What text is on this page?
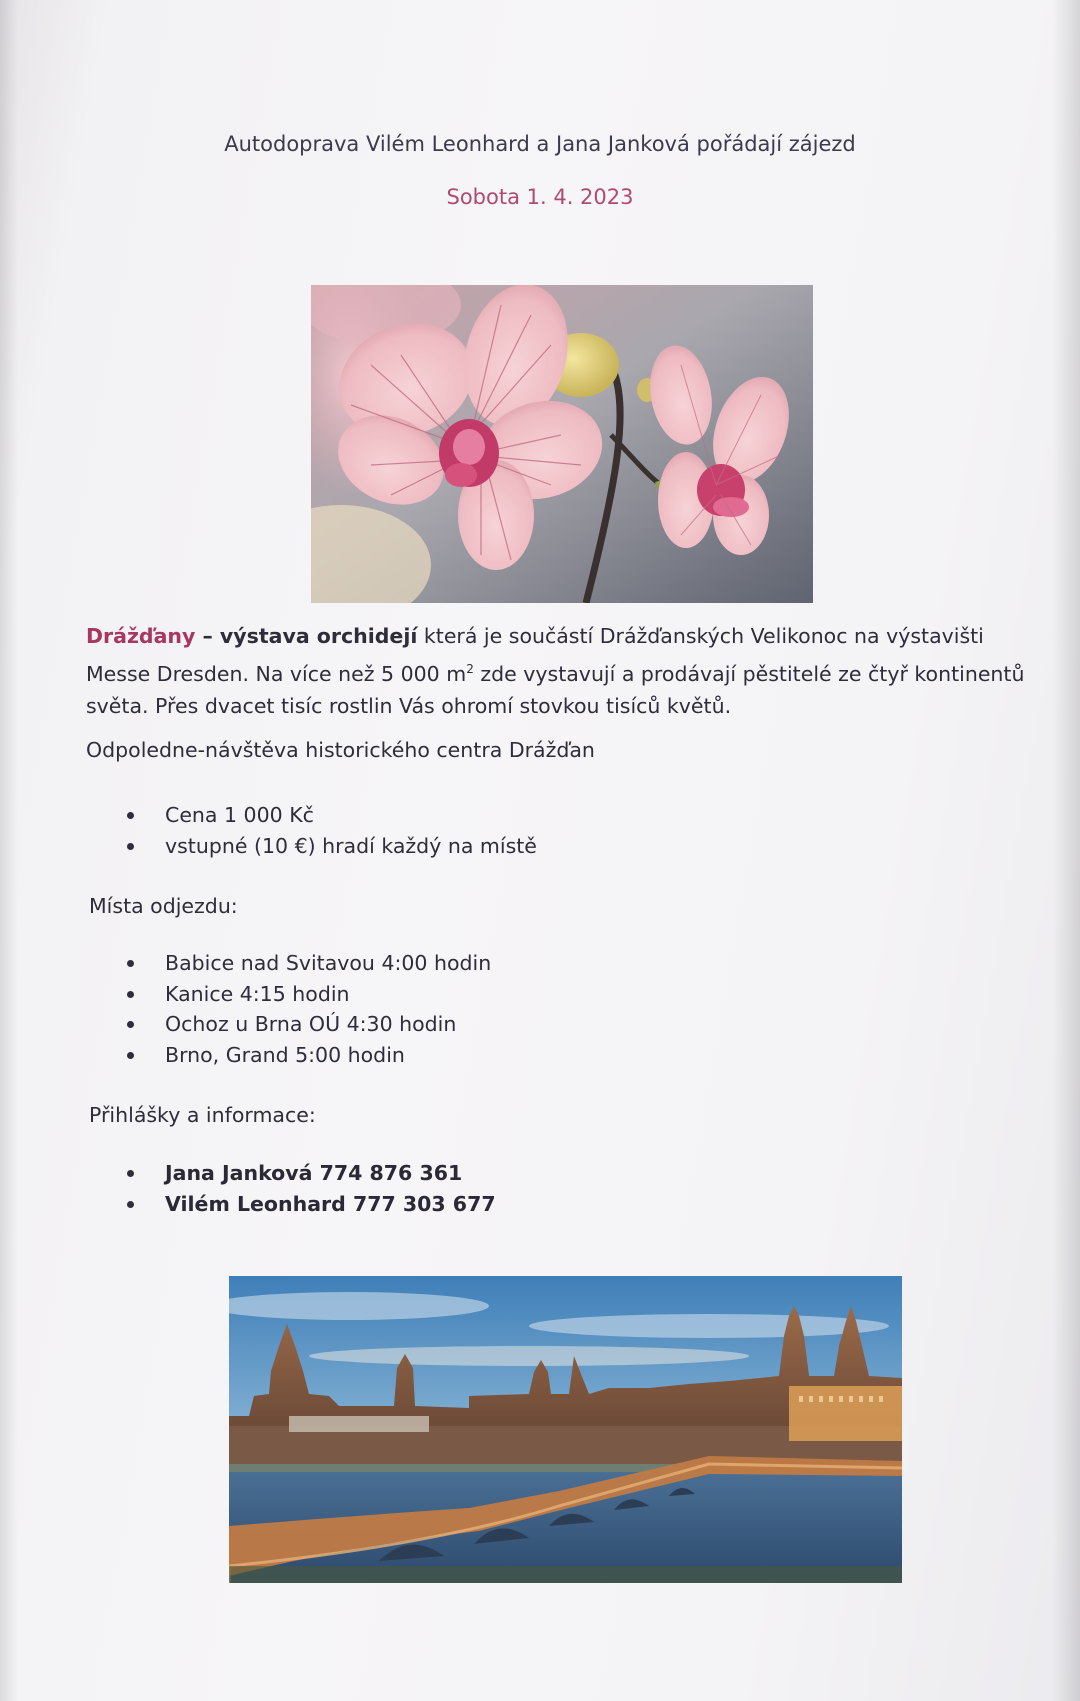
Autodoprava Vilém Leonhard a Jana Janková pořádají zájezd
Sobota 1. 4. 2023
Drážďany – výstava orchidejí která je součástí Drážďanských Velikonoc na výstavišti Messe Dresden. Na více než 5 000 $m^2$ zde vystavují a prodávají pěstitelé ze čtyř kontinentů světa. Přes dvacet tisíc rostlin Vás ohromí stovkou tisíců květů.
Odpoledne-návštěva historického centra Drážďan
Cena 1 000 Kč
vstupné (10 €) hradí každý na místě
Místa odjezdu:
Babice nad Svitavou 4:00 hodin
Kanice 4:15 hodin
Ochoz u Brna OÚ 4:30 hodin
Brno, Grand 5:00 hodin
Přihlášky a informace:
Jana Janková 774 876 361
Vilém Leonhard 777 303 677
